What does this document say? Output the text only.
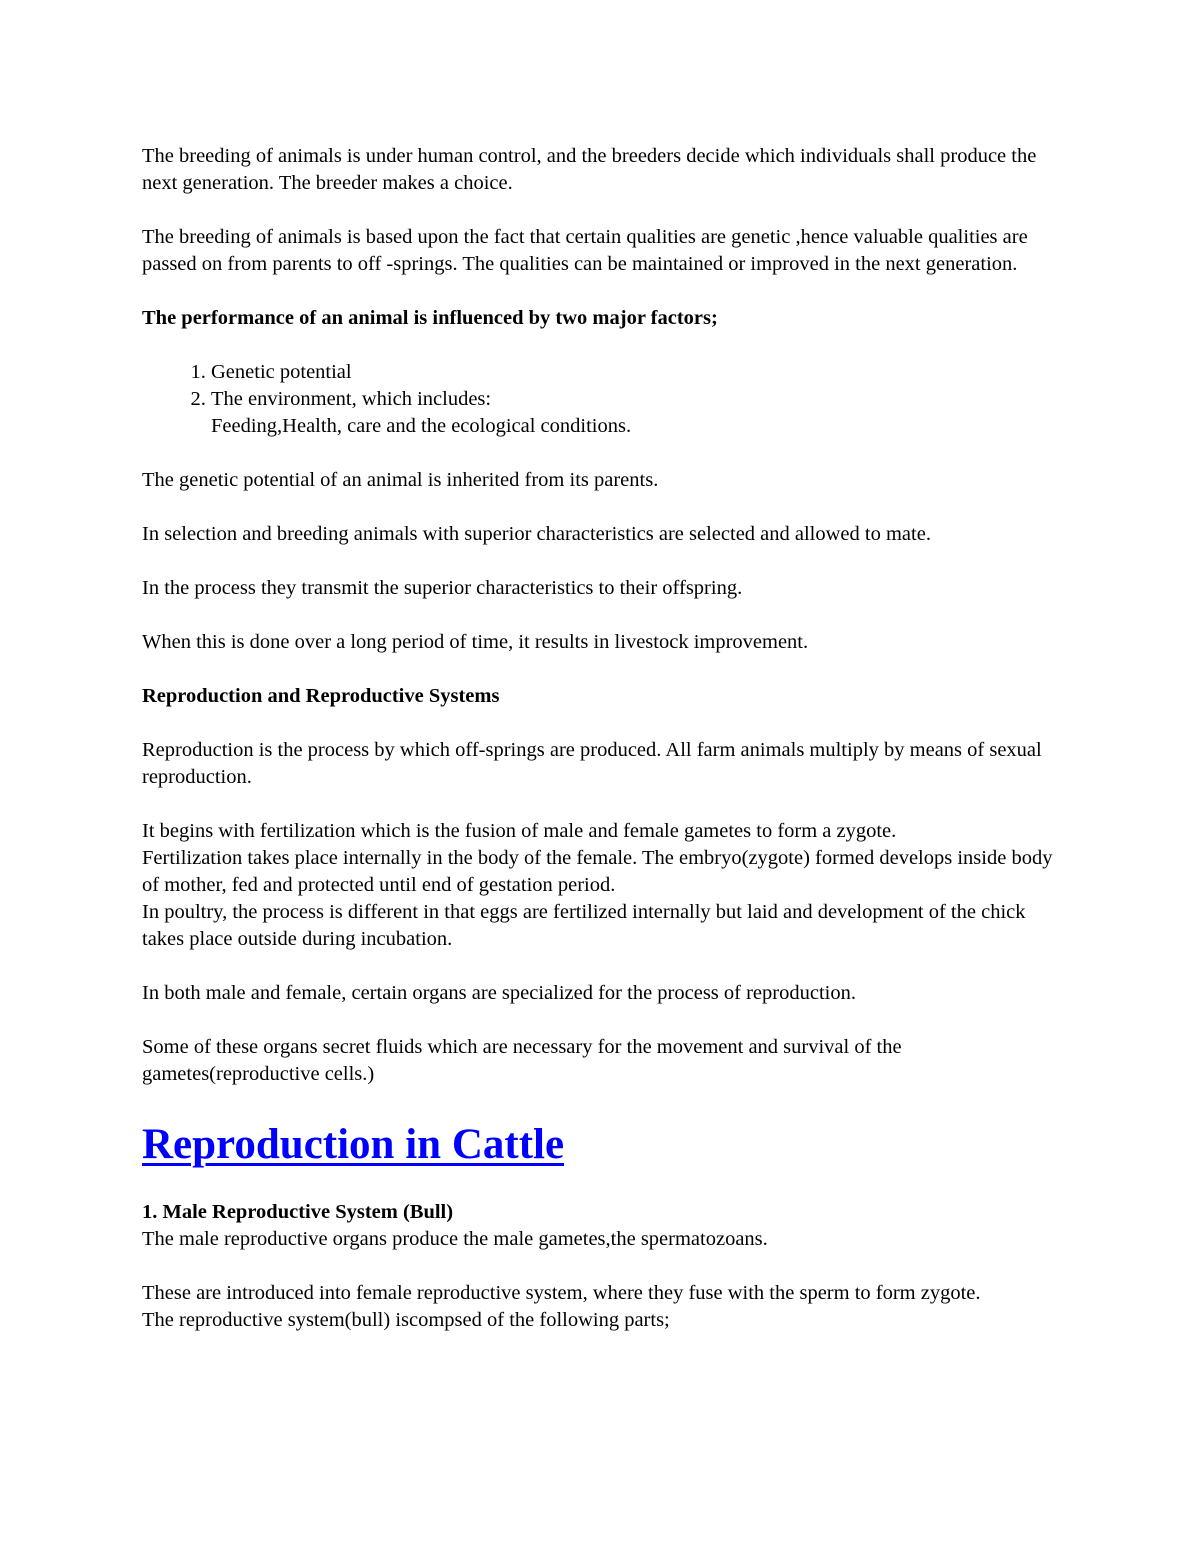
The breeding of animals is under human control, and the breeders decide which individuals shall produce the next generation. The breeder makes a choice.

The breeding of animals is based upon the fact that certain qualities are genetic ,hence valuable qualities are passed on from parents to off -springs. The qualities can be maintained or improved in the next generation.

The performance of an animal is influenced by two major factors;

1. Genetic potential
2. The environment, which includes:
Feeding,Health, care and the ecological conditions.

The genetic potential of an animal is inherited from its parents.

In selection and breeding animals with superior characteristics are selected and allowed to mate.

In the process they transmit the superior characteristics to their offspring.

When this is done over a long period of time, it results in livestock improvement.

Reproduction and Reproductive Systems

Reproduction is the process by which off-springs are produced. All farm animals multiply by means of sexual reproduction.

It begins with fertilization which is the fusion of male and female gametes to form a zygote.
Fertilization takes place internally in the body of the female. The embryo(zygote) formed develops inside body of mother, fed and protected until end of gestation period.
In poultry, the process is different in that eggs are fertilized internally but laid and development of the chick takes place outside during incubation.

In both male and female, certain organs are specialized for the process of reproduction.

Some of these organs secret fluids which are necessary for the movement and survival of the gametes(reproductive cells.)

Reproduction in Cattle

1. Male Reproductive System (Bull)

The male reproductive organs produce the male gametes,the spermatozoans.

These are introduced into female reproductive system, where they fuse with the sperm to form zygote.

The reproductive system(bull) iscompsed of the following parts;
